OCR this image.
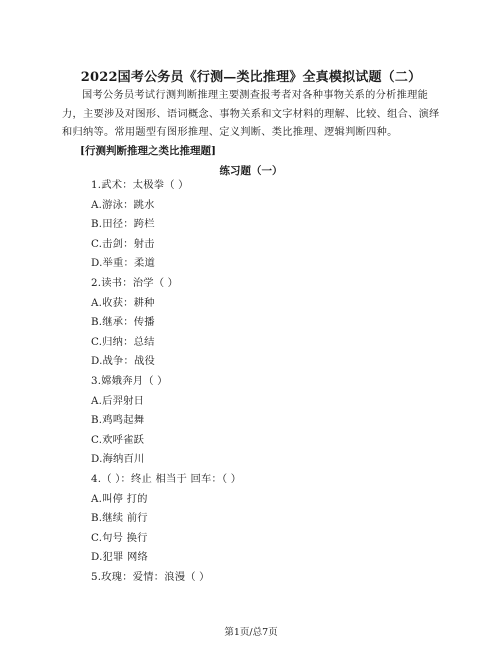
2022国考公务员《行测—类比推理》全真模拟试题（二）
国考公务员考试行测判断推理主要测查报考者对各种事物关系的分析推理能力，主要涉及对图形、语词概念、事物关系和文字材料的理解、比较、组合、演绎和归纳等。常用题型有图形推理、定义判断、类比推理、逻辑判断四种。
[行测判断推理之类比推理题]
练习题（一）
1.武术：太极拳（ ）
A.游泳：跳水
B.田径：跨栏
C.击剑：射击
D.举重：柔道
2.读书：治学（ ）
A.收获：耕种
B.继承：传播
C.归纳：总结
D.战争：战役
3.嫦娥奔月（ ）
A.后羿射日
B.鸡鸣起舞
C.欢呼雀跃
D.海纳百川
4.（ ）：终止 相当于 回车：（ ）
A.叫停 打的
B.继续 前行
C.句号 换行
D.犯罪 网络
5.玫瑰：爱情：浪漫（ ）
第1页/总7页
